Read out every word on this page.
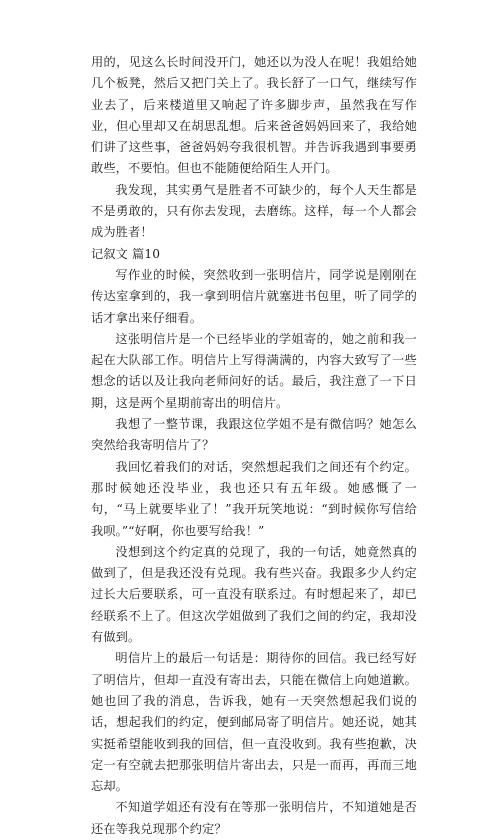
用的，见这么长时间没开门，她还以为没人在呢！我姐给她几个板凳，然后又把门关上了。我长舒了一口气，继续写作业去了，后来楼道里又响起了许多脚步声，虽然我在写作业，但心里却又在胡思乱想。后来爸爸妈妈回来了，我给她们讲了这些事，爸爸妈妈夸我很机智。并告诉我遇到事要勇敢些，不要怕。但也不能随便给陌生人开门。

我发现，其实勇气是胜者不可缺少的，每个人天生都是不是勇敢的，只有你去发现，去磨练。这样，每一个人都会成为胜者！

记叙文 篇10

写作业的时候，突然收到一张明信片，同学说是刚刚在传达室拿到的，我一拿到明信片就塞进书包里，听了同学的话才拿出来仔细看。

这张明信片是一个已经毕业的学姐寄的，她之前和我一起在大队部工作。明信片上写得满满的，内容大致写了一些想念的话以及让我向老师问好的话。最后，我注意了一下日期，这是两个星期前寄出的明信片。

我想了一整节课，我跟这位学姐不是有微信吗？她怎么突然给我寄明信片了？

我回忆着我们的对话，突然想起我们之间还有个约定。那时候她还没毕业，我也还只有五年级。她感慨了一句，“马上就要毕业了！”我开玩笑地说：“到时候你写信给我呗。”“好啊，你也要写给我！”

没想到这个约定真的兑现了，我的一句话，她竟然真的做到了，但是我还没有兑现。我有些兴奋。我跟多少人约定过长大后要联系，可一直没有联系过。有时想起来了，却已经联系不上了。但这次学姐做到了我们之间的约定，我却没有做到。

明信片上的最后一句话是：期待你的回信。我已经写好了明信片，但却一直没有寄出去，只能在微信上向她道歉。她也回了我的消息，告诉我，她有一天突然想起我们说的话，想起我们的约定，便到邮局寄了明信片。她还说，她其实挺希望能收到我的回信，但一直没收到。我有些抱歉，决定一有空就去把那张明信片寄出去，只是一而再，再而三地忘却。

不知道学姐还有没有在等那一张明信片，不知道她是否还在等我兑现那个约定？
